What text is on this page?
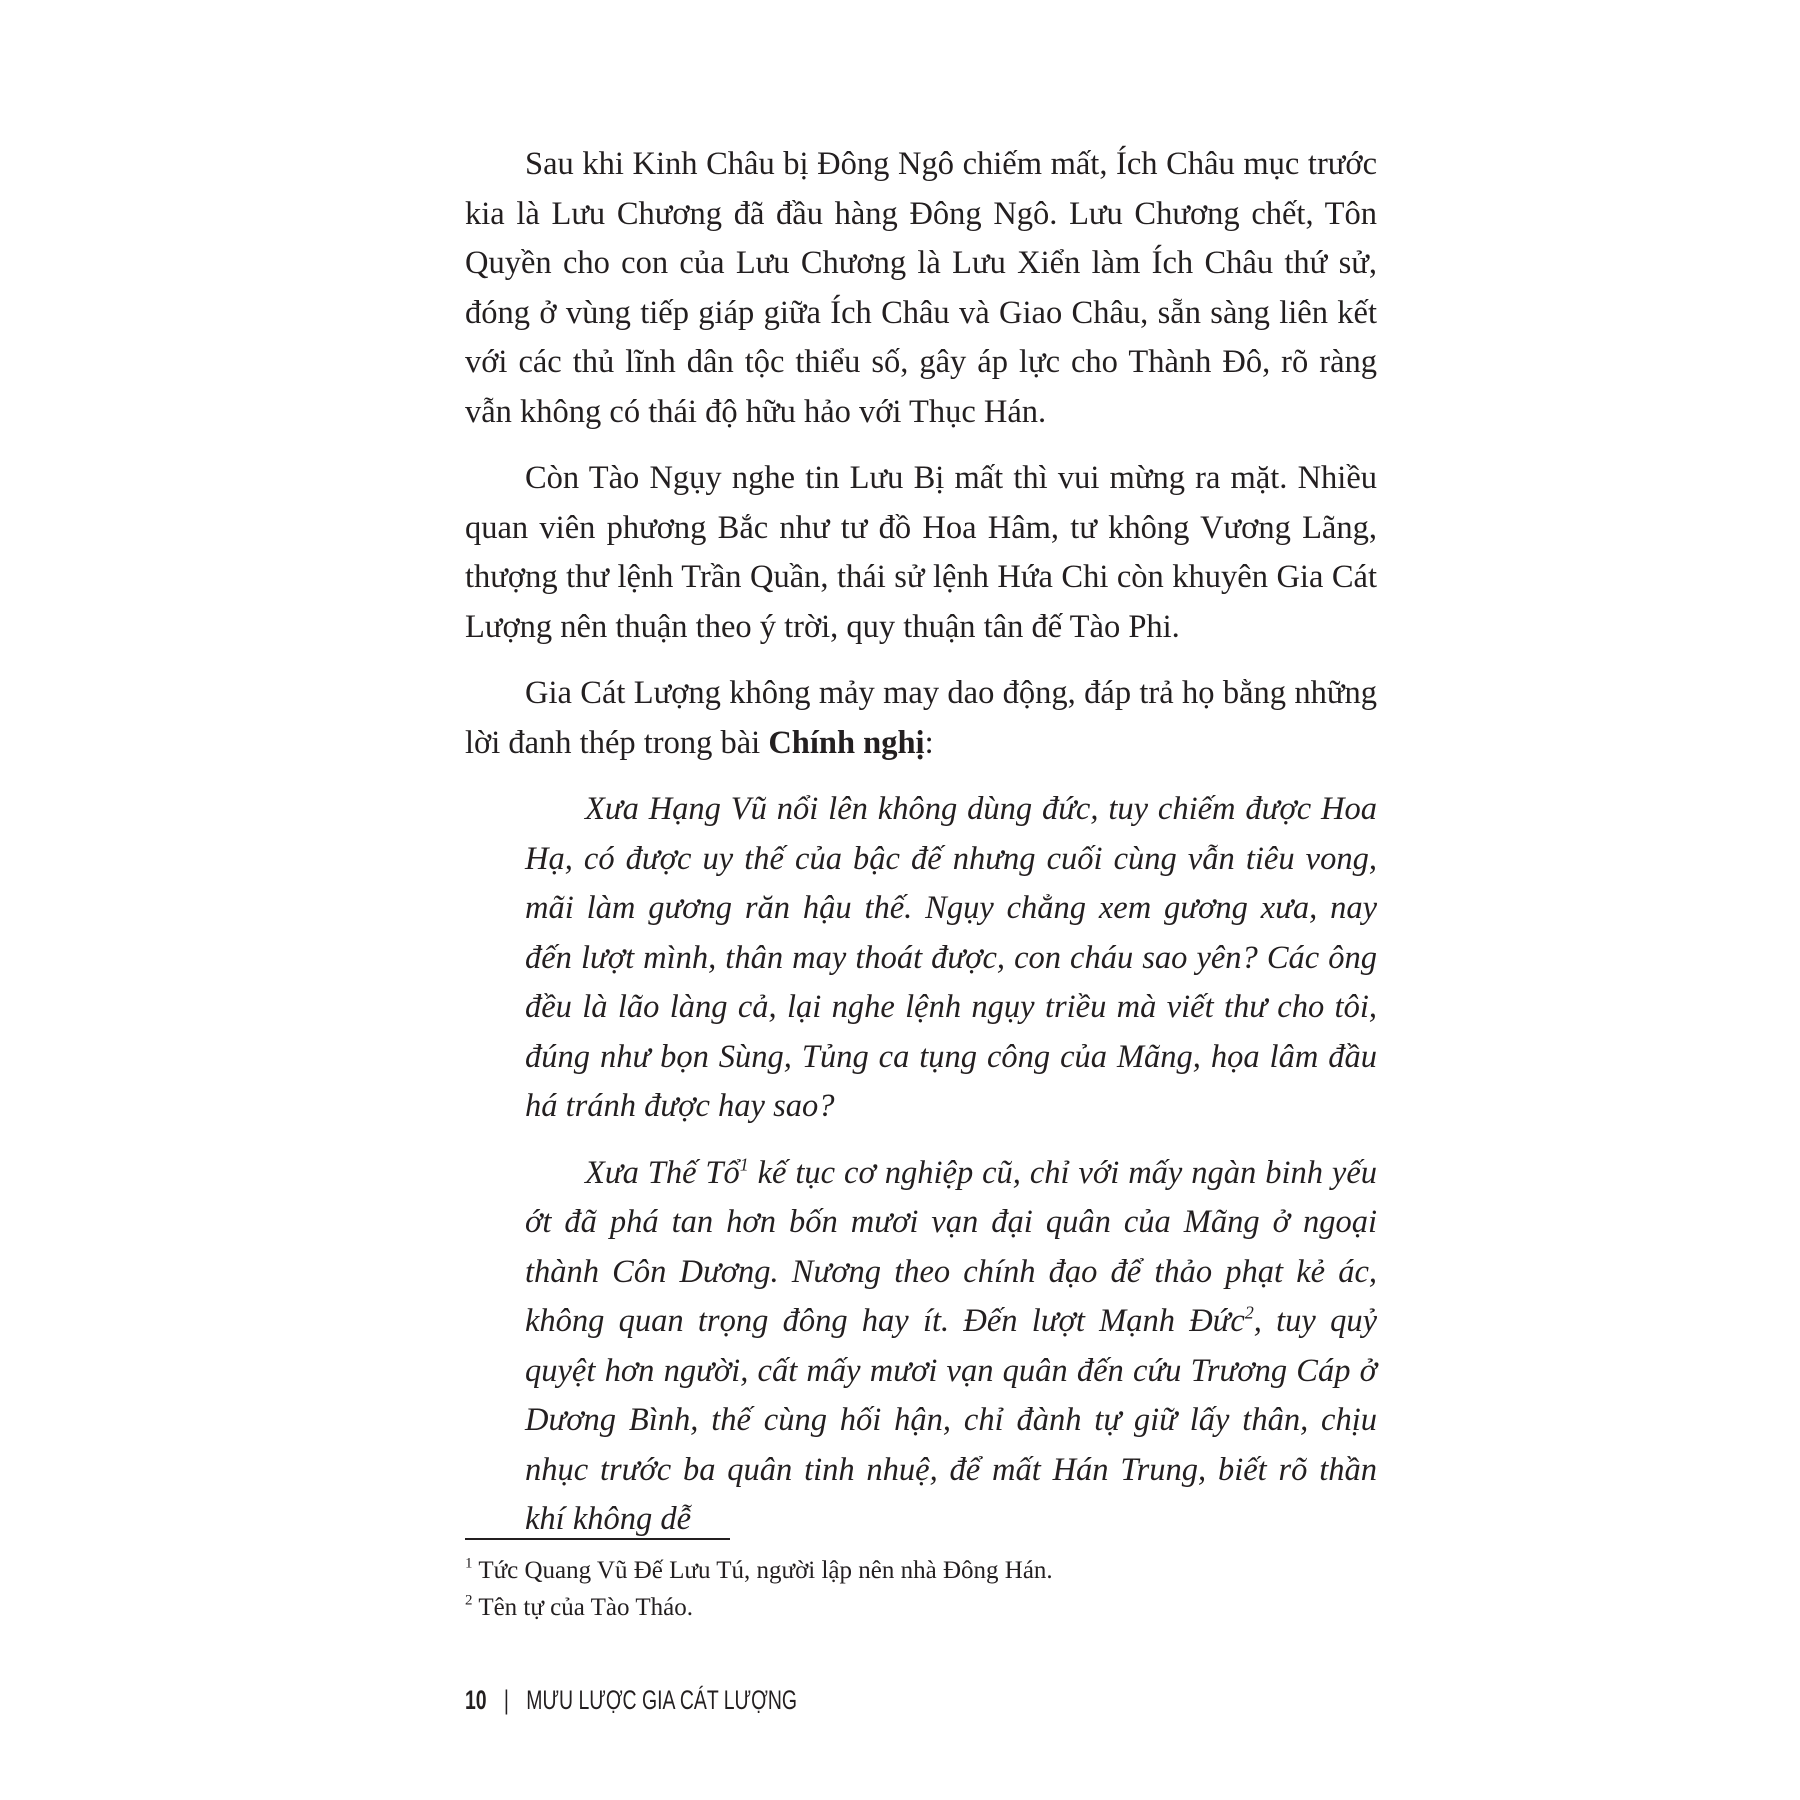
Sau khi Kinh Châu bị Đông Ngô chiếm mất, Ích Châu mục trước kia là Lưu Chương đã đầu hàng Đông Ngô. Lưu Chương chết, Tôn Quyền cho con của Lưu Chương là Lưu Xiển làm Ích Châu thứ sử, đóng ở vùng tiếp giáp giữa Ích Châu và Giao Châu, sẵn sàng liên kết với các thủ lĩnh dân tộc thiểu số, gây áp lực cho Thành Đô, rõ ràng vẫn không có thái độ hữu hảo với Thục Hán.

Còn Tào Ngụy nghe tin Lưu Bị mất thì vui mừng ra mặt. Nhiều quan viên phương Bắc như tư đồ Hoa Hâm, tư không Vương Lãng, thượng thư lệnh Trần Quần, thái sử lệnh Hứa Chi còn khuyên Gia Cát Lượng nên thuận theo ý trời, quy thuận tân đế Tào Phi.

Gia Cát Lượng không mảy may dao động, đáp trả họ bằng những lời đanh thép trong bài Chính nghị:

Xưa Hạng Vũ nổi lên không dùng đức, tuy chiếm được Hoa Hạ, có được uy thế của bậc đế nhưng cuối cùng vẫn tiêu vong, mãi làm gương răn hậu thế. Ngụy chẳng xem gương xưa, nay đến lượt mình, thân may thoát được, con cháu sao yên? Các ông đều là lão làng cả, lại nghe lệnh ngụy triều mà viết thư cho tôi, đúng như bọn Sùng, Tủng ca tụng công của Mãng, họa lâm đầu há tránh được hay sao?

Xưa Thế Tổ$^1$ kế tục cơ nghiệp cũ, chỉ với mấy ngàn binh yếu ớt đã phá tan hơn bốn mươi vạn đại quân của Mãng ở ngoại thành Côn Dương. Nương theo chính đạo để thảo phạt kẻ ác, không quan trọng đông hay ít. Đến lượt Mạnh Đức$^2$, tuy quỷ quyệt hơn người, cất mấy mươi vạn quân đến cứu Trương Cáp ở Dương Bình, thế cùng hối hận, chỉ đành tự giữ lấy thân, chịu nhục trước ba quân tinh nhuệ, để mất Hán Trung, biết rõ thần khí không dễ

$^1$ Tức Quang Vũ Đế Lưu Tú, người lập nên nhà Đông Hán.
$^2$ Tên tự của Tào Tháo.
10 | MƯU LƯỢC GIA CÁT LƯỢNG
